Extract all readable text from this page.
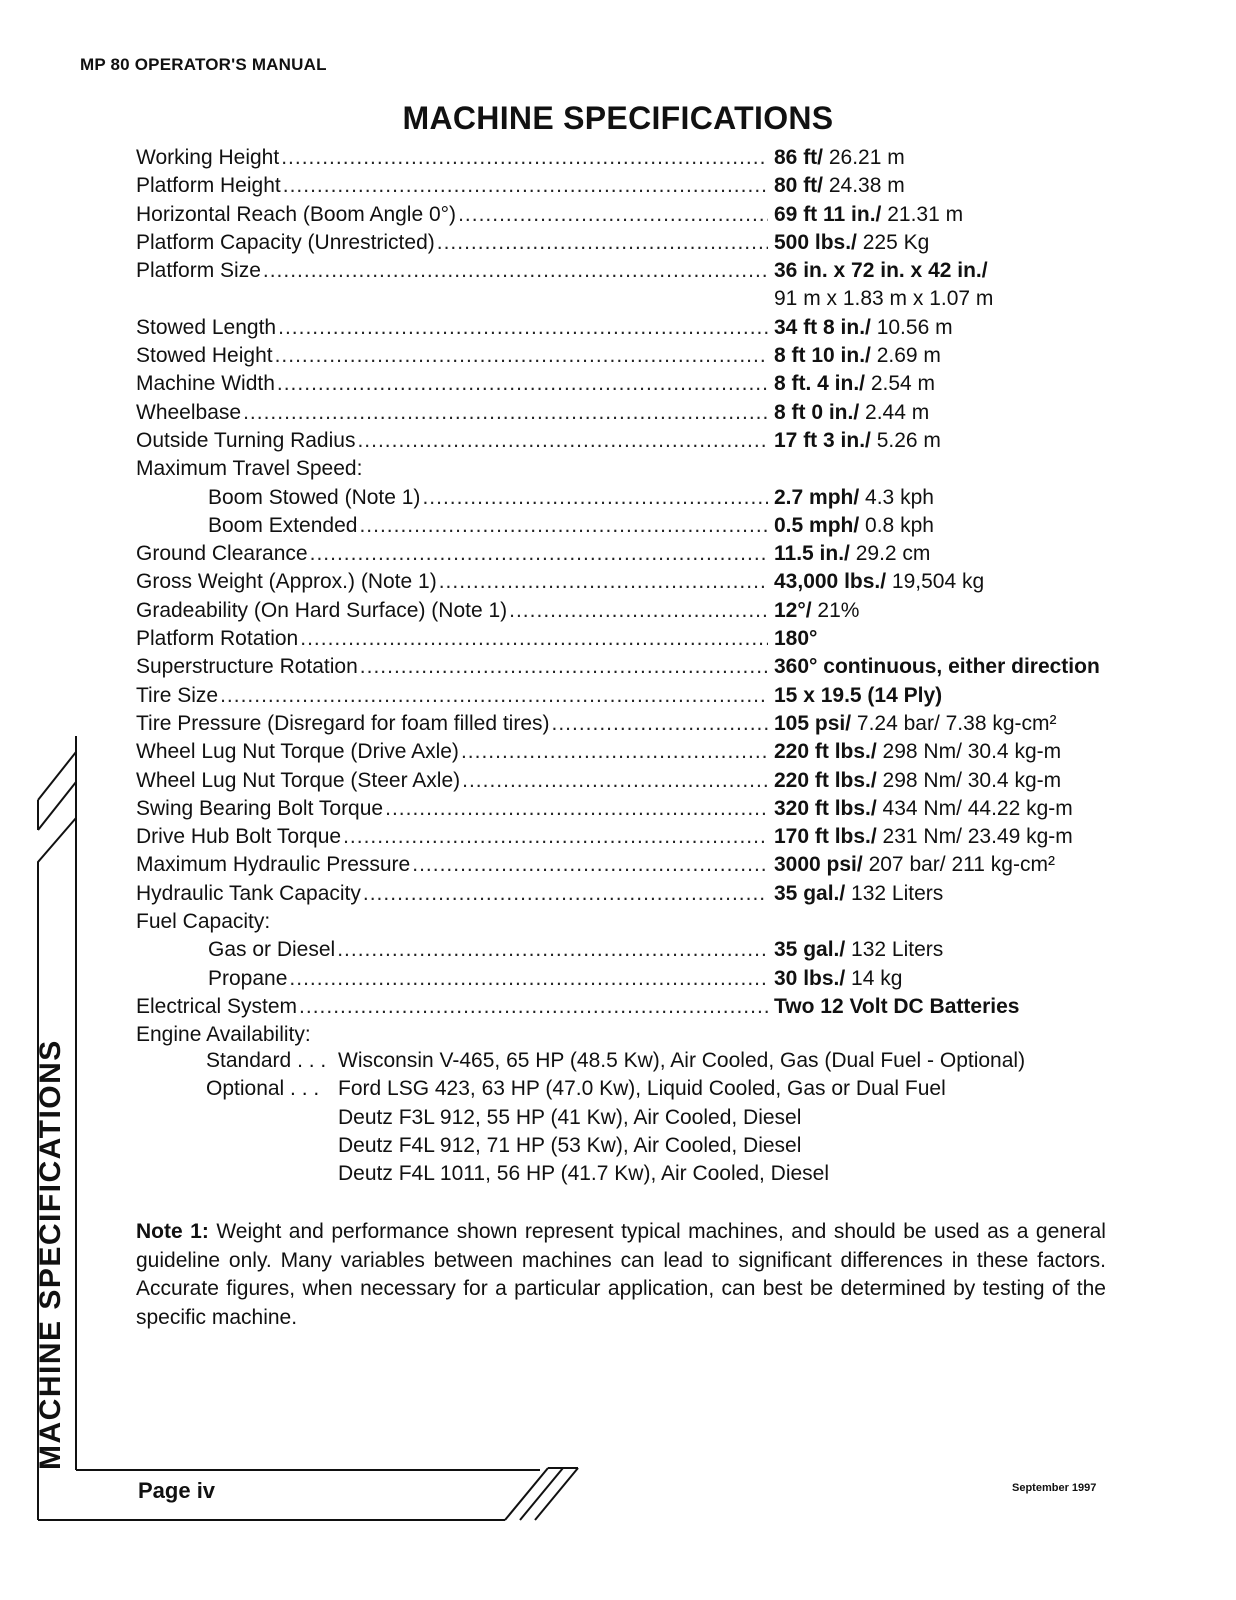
MP 80 OPERATOR'S MANUAL
MACHINE SPECIFICATIONS
Working Height .....	86 ft/ 26.21 m
Platform Height .....	80 ft/ 24.38 m
Horizontal Reach (Boom Angle 0°) .....	69 ft 11 in./ 21.31 m
Platform Capacity (Unrestricted) .....	500 lbs./ 225 Kg
Platform Size .....	36 in. x 72 in. x 42 in./
91 m x 1.83 m x 1.07 m
Stowed Length .....	34 ft 8 in./ 10.56 m
Stowed Height .....	8 ft 10 in./ 2.69 m
Machine Width .....	8 ft. 4 in./ 2.54 m
Wheelbase .....	8 ft 0 in./ 2.44 m
Outside Turning Radius .....	17 ft 3 in./ 5.26 m
Maximum Travel Speed:
Boom Stowed (Note 1) .....	2.7 mph/ 4.3 kph
Boom Extended .....	0.5 mph/ 0.8 kph
Ground Clearance .....	11.5 in./ 29.2 cm
Gross Weight (Approx.) (Note 1) .....	43,000 lbs./ 19,504 kg
Gradeability (On Hard Surface) (Note 1) .....	12°/ 21%
Platform Rotation .....	180°
Superstructure Rotation .....	360° continuous, either direction
Tire Size .....	15 x 19.5 (14 Ply)
Tire Pressure (Disregard for foam filled tires) .....	105 psi/ 7.24 bar/ 7.38 kg-cm²
Wheel Lug Nut Torque (Drive Axle) .....	220 ft lbs./ 298 Nm/ 30.4 kg-m
Wheel Lug Nut Torque (Steer Axle) .....	220 ft lbs./ 298 Nm/ 30.4 kg-m
Swing Bearing Bolt Torque .....	320 ft lbs./ 434 Nm/ 44.22 kg-m
Drive Hub Bolt Torque .....	170 ft lbs./ 231 Nm/ 23.49 kg-m
Maximum Hydraulic Pressure .....	3000 psi/ 207 bar/ 211 kg-cm²
Hydraulic Tank Capacity .....	35 gal./ 132 Liters
Fuel Capacity:
Gas or Diesel .....	35 gal./ 132 Liters
Propane .....	30 lbs./ 14 kg
Electrical System .....	Two 12 Volt DC Batteries
Engine Availability:
Standard . . . Wisconsin V-465, 65 HP (48.5 Kw), Air Cooled, Gas (Dual Fuel - Optional)
Optional . . . Ford LSG 423, 63 HP (47.0 Kw), Liquid Cooled, Gas or Dual Fuel
Deutz F3L 912, 55 HP (41 Kw), Air Cooled, Diesel
Deutz F4L 912, 71 HP (53 Kw), Air Cooled, Diesel
Deutz F4L 1011, 56 HP (41.7 Kw), Air Cooled, Diesel
Note 1: Weight and performance shown represent typical machines, and should be used as a general guideline only. Many variables between machines can lead to significant differences in these factors. Accurate figures, when necessary for a particular application, can best be determined by testing of the specific machine.
MACHINE SPECIFICATIONS
Page iv	September 1997
